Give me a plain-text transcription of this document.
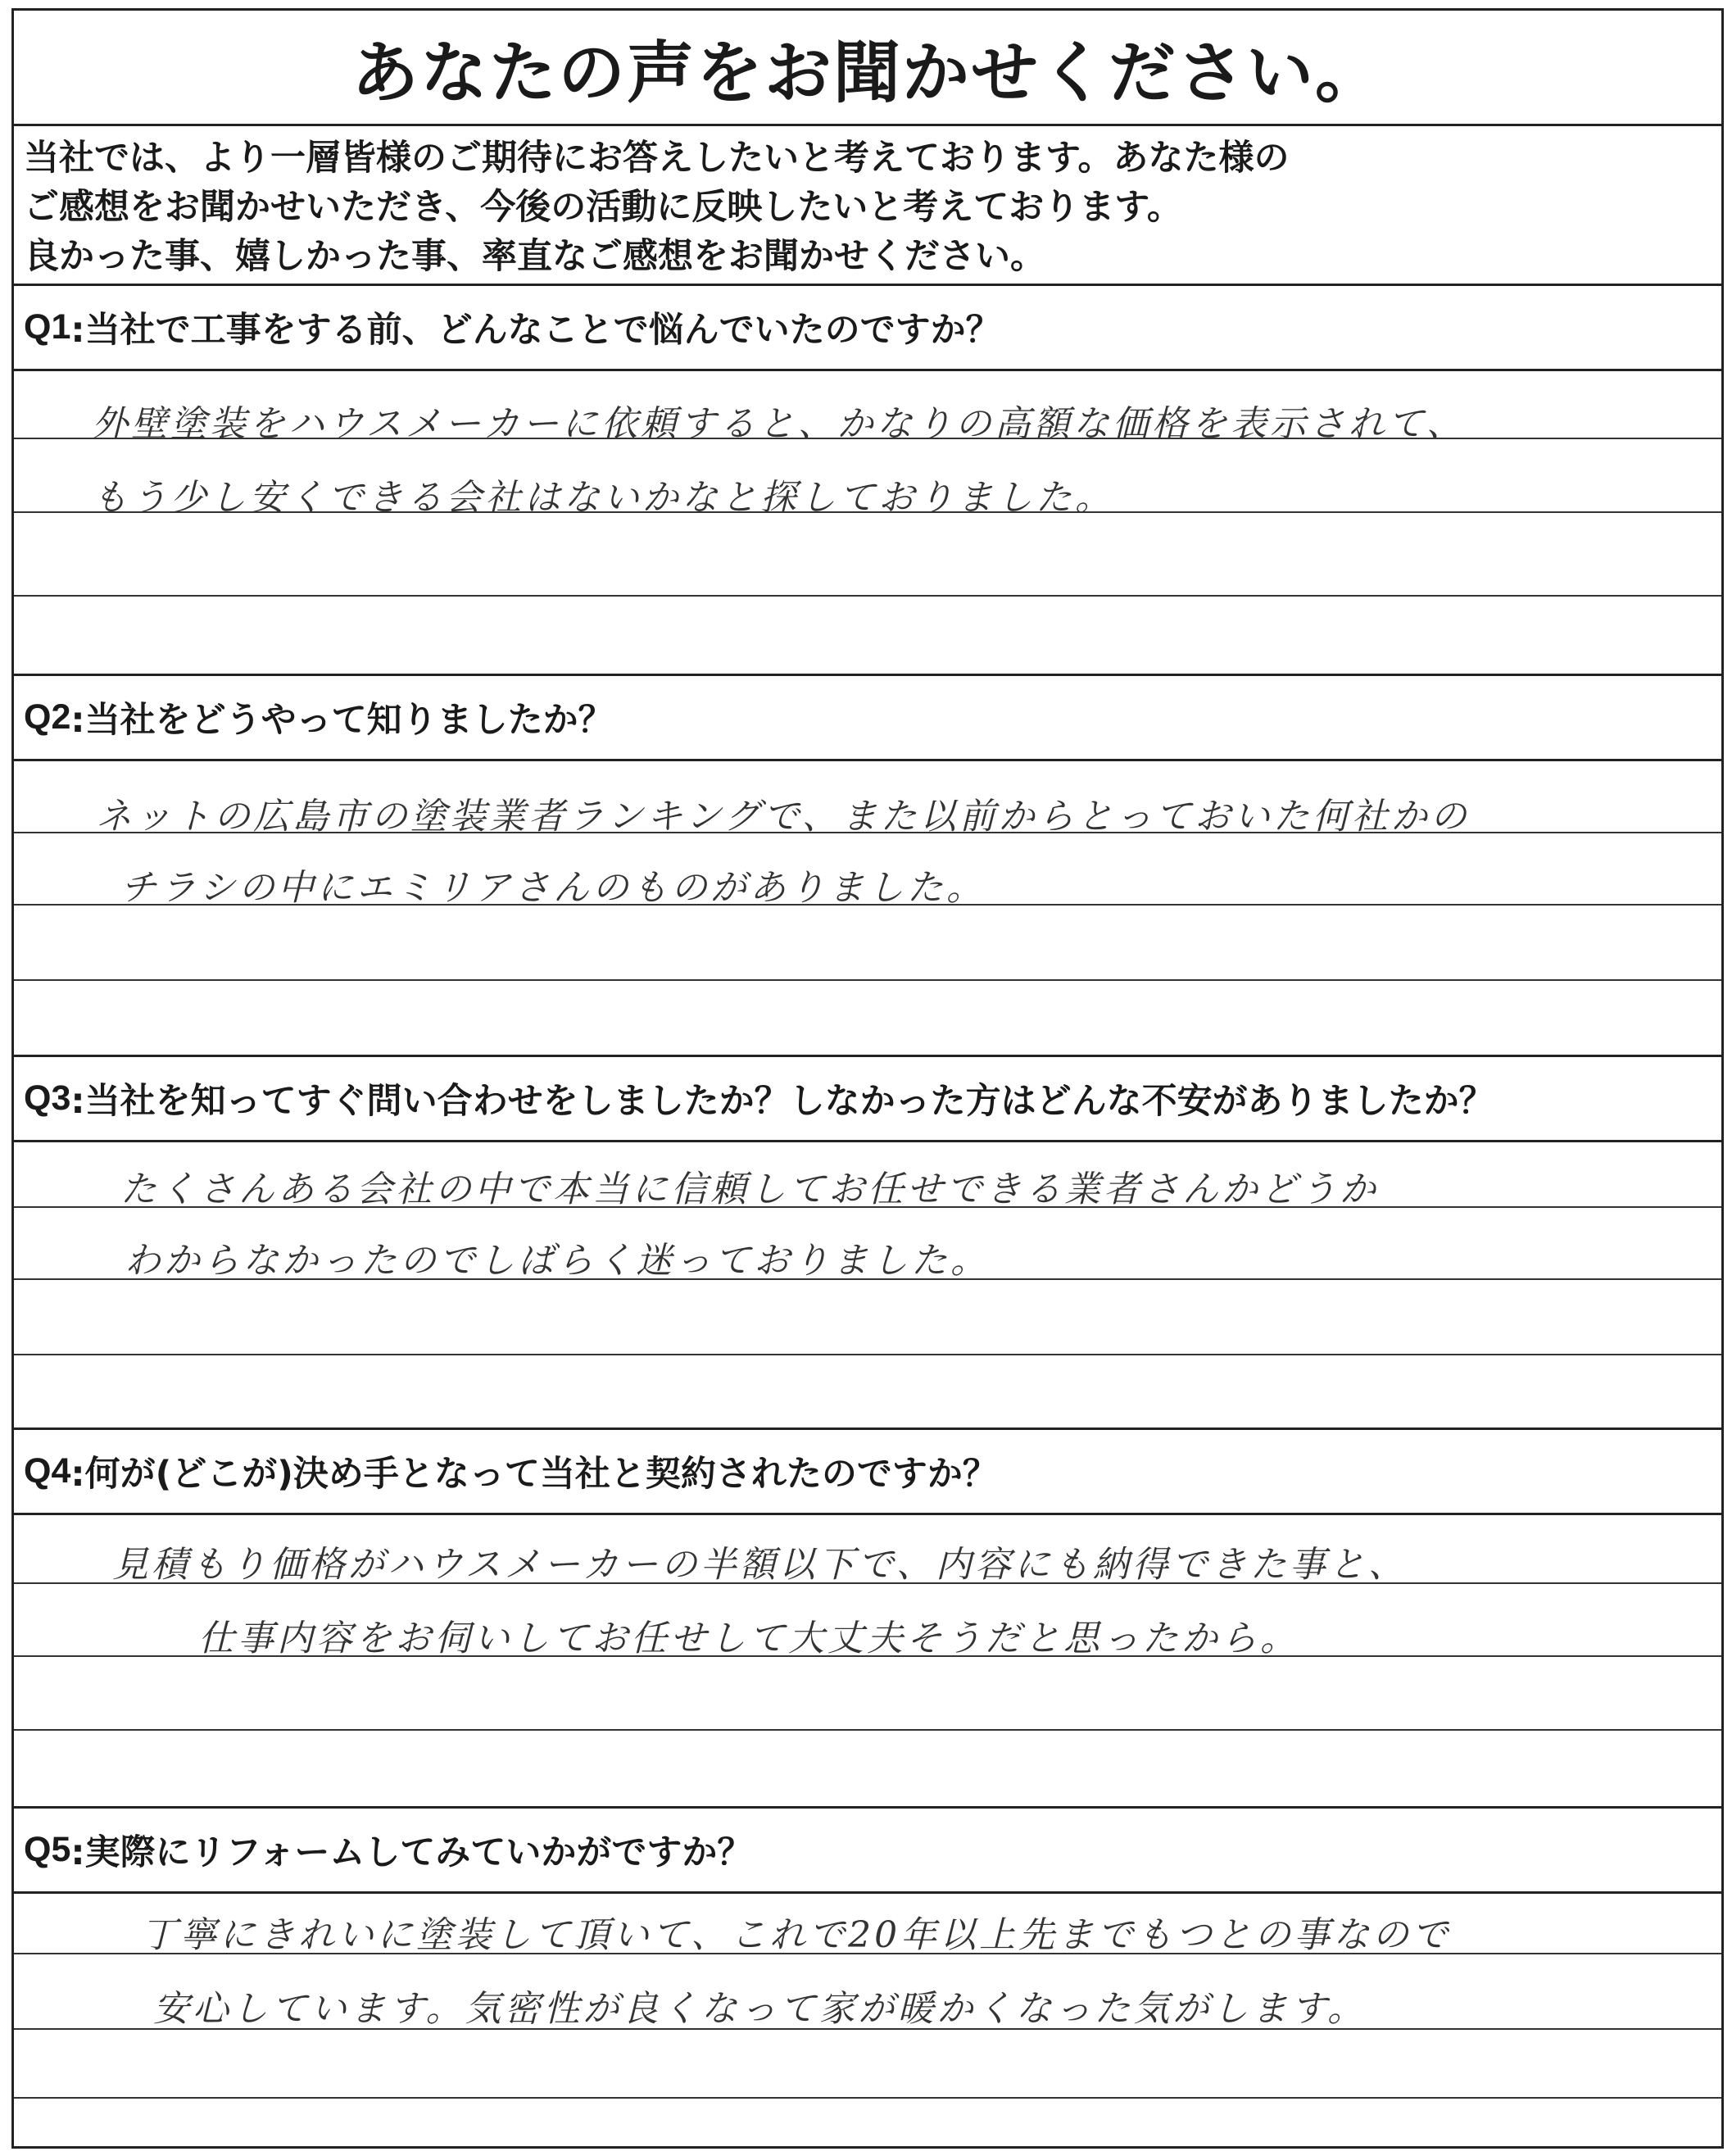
あなたの声をお聞かせください。
当社では、より一層皆様のご期待にお答えしたいと考えております。あなた様の
ご感想をお聞かせいただき、今後の活動に反映したいと考えております。
良かった事、嬉しかった事、率直なご感想をお聞かせください。
Q1 :当社で工事をする前、どんなことで悩んでいたのですか？
外壁塗装をハウスメーカーに依頼すると、かなりの高額な価格を表示されて、
もう少し安くできる会社はないかなと探しておりました。
Q2 :当社をどうやって知りましたか？
ネットの広島市の塗装業者ランキングで、また以前からとっておいた何社かの
チラシの中にエミリアさんのものがありました。
Q3 :当社を知ってすぐ問い合わせをしましたか？しなかった方はどんな不安がありましたか？
たくさんある会社の中で本当に信頼してお任せできる業者さんかどうか
わからなかったのでしばらく迷っておりました。
Q4 :何が(どこが)決め手となって当社と契約されたのですか？
見積もり価格がハウスメーカーの半額以下で、内容にも納得できた事と、
仕事内容をお伺いしてお任せして大丈夫そうだと思ったから。
Q5 :実際にリフォームしてみていかがですか？
丁寧にきれいに塗装して頂いて、これで20年以上先までもつとの事なので
安心しています。気密性が良くなって家が暖かくなった気がします。
